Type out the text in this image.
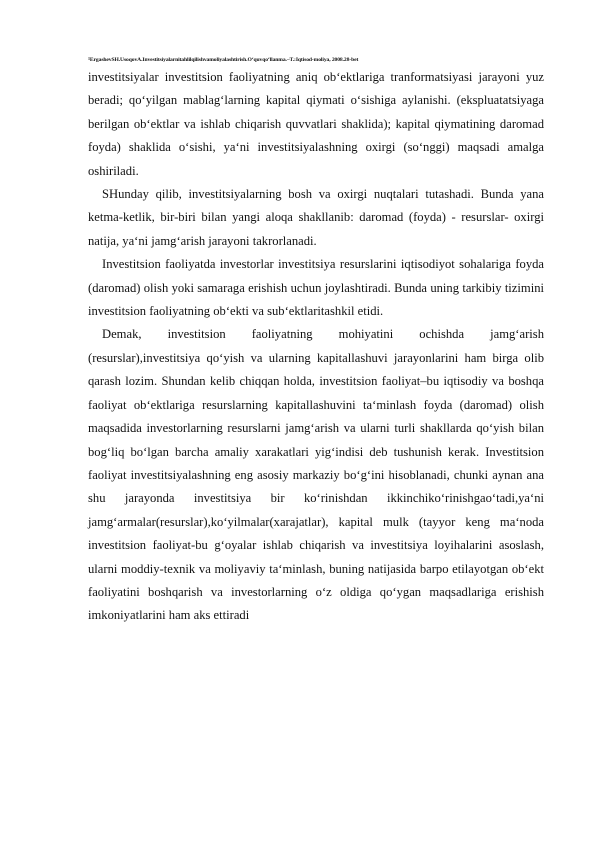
$^1$ErgashevSH.UsoqovA.Investitsiyalarnitahlilqilishvamoliyalashtirish.O‘quvqo‘llanma.–T.:Iqtisod-moliya, 2008.28-bet

investitsiyalar investitsion faoliyatning aniq ob‘ektlariga tranformatsiyasi jarayoni yuz beradi; qo‘yilgan mablag‘larning kapital qiymati o‘sishiga aylanishi. (ekspluatatsiyaga berilgan ob‘ektlar va ishlab chiqarish quvvatlari shaklida); kapital qiymatining daromad foyda) shaklida o‘sishi, ya‘ni investitsiyalashning oxirgi (so‘nggi) maqsadi amalga oshiriladi.

SHunday qilib, investitsiyalarning bosh va oxirgi nuqtalari tutashadi. Bunda yana ketma-ketlik, bir-biri bilan yangi aloqa shakllanib: daromad (foyda) - resurslar- oxirgi natija, ya‘ni jamg‘arish jarayoni takrorlanadi.

Investitsion faoliyatda investorlar investitsiya resurslarini iqtisodiyot sohalariga foyda (daromad) olish yoki samaraga erishish uchun joylashtiradi. Bunda uning tarkibiy tizimini investitsion faoliyatning ob‘ekti va sub‘ektlaritashkil etidi.

Demak, investitsion faoliyatning mohiyatini ochishda jamg‘arish (resurslar),investitsiya qo‘yish va ularning kapitallashuvi jarayonlarini ham birga olib qarash lozim. Shundan kelib chiqqan holda, investitsion faoliyat–bu iqtisodiy va boshqa faoliyat ob‘ektlariga resurslarning kapitallashuvini ta‘minlash foyda (daromad) olish maqsadida investorlarning resurslarni jamg‘arish va ularni turli shakllarda qo‘yish bilan bog‘liq bo‘lgan barcha amaliy xarakatlari yig‘indisi deb tushunish kerak. Investitsion faoliyat investitsiyalashning eng asosiy markaziy bo‘g‘ini hisoblanadi, chunki aynan ana shu jarayonda investitsiya bir ko‘rinishdan ikkinchiko‘rinishgao‘tadi,ya‘ni jamg‘armalar(resurslar),ko‘yilmalar(xarajatlar), kapital mulk (tayyor keng ma‘noda investitsion faoliyat-bu g‘oyalar ishlab chiqarish va investitsiya loyihalarini asoslash, ularni moddiy-texnik va moliyaviy ta‘minlash, buning natijasida barpo etilayotgan ob‘ekt faoliyatini boshqarish va investorlarning o‘z oldiga qo‘ygan maqsadlariga erishish imkoniyatlarini ham aks ettiradi
